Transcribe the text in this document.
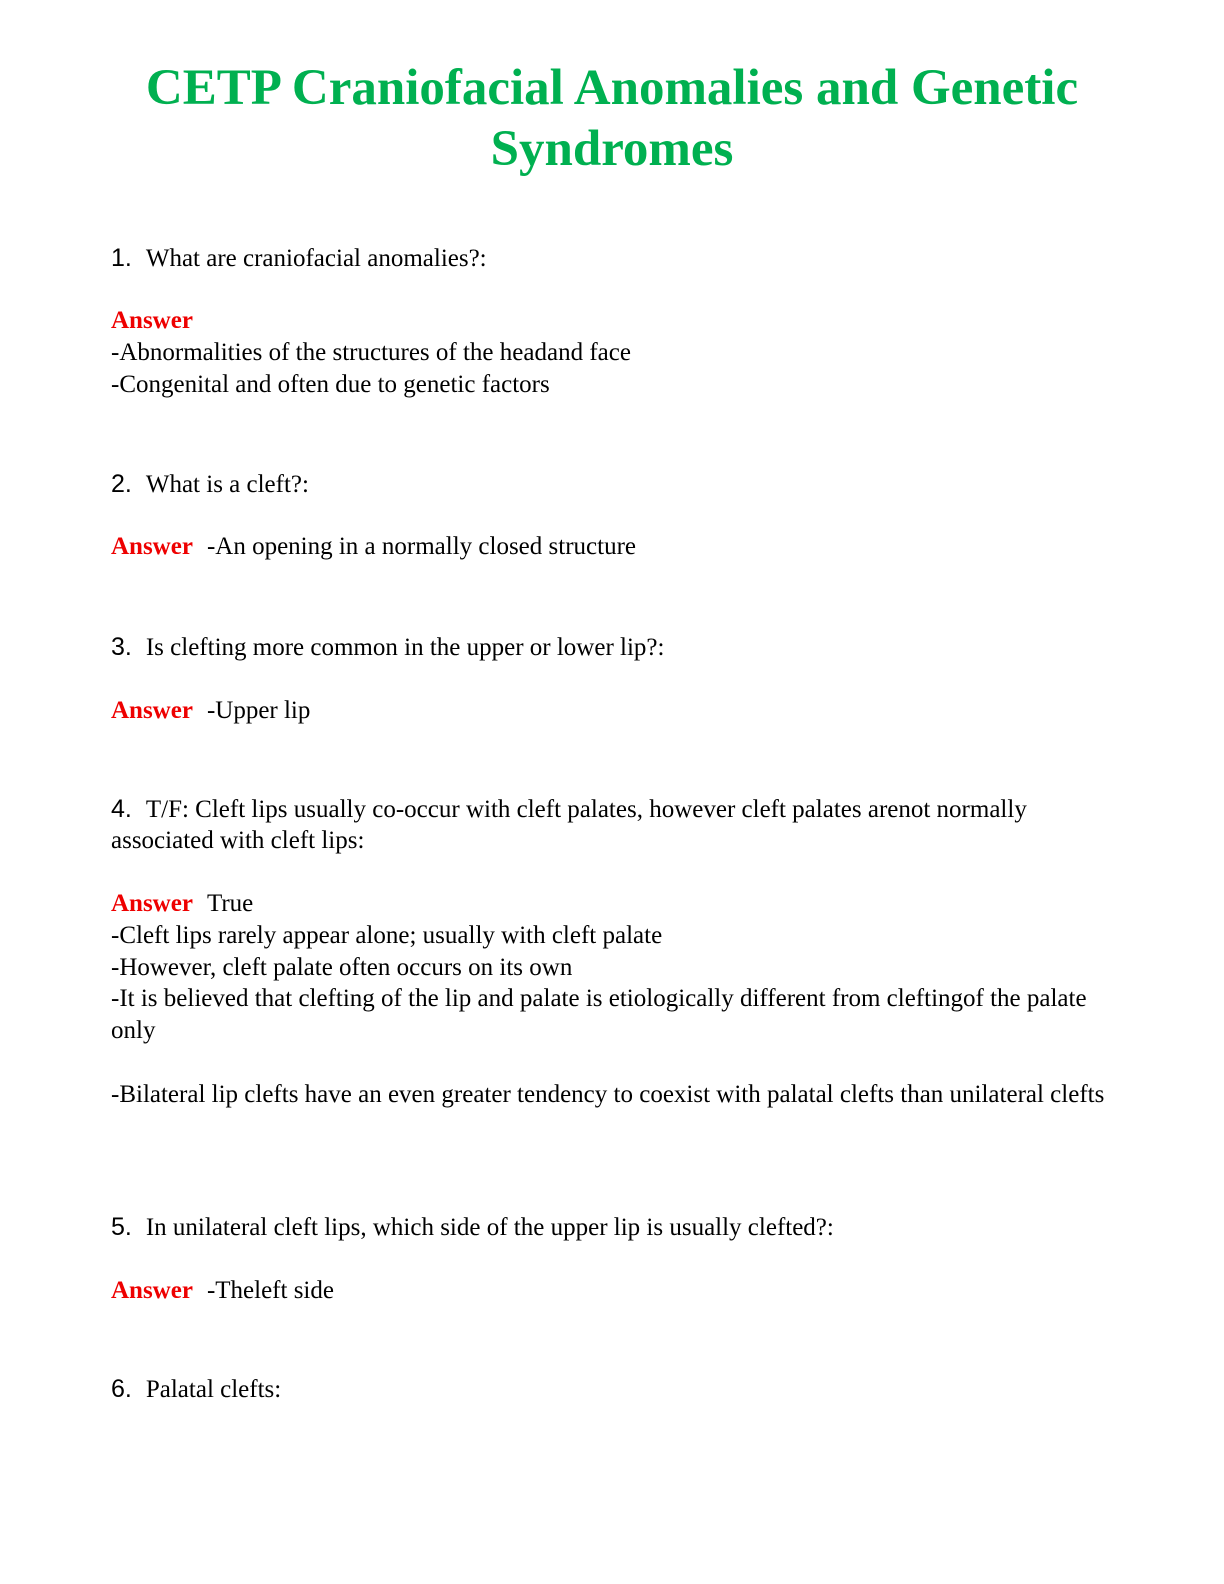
CETP Craniofacial Anomalies and Genetic
Syndromes

1. What are craniofacial anomalies?:

Answer
-Abnormalities of the structures of the headand face
-Congenital and often due to genetic factors

2. What is a cleft?:

Answer -An opening in a normally closed structure

3. Is clefting more common in the upper or lower lip?:

Answer -Upper lip

4. T/F: Cleft lips usually co-occur with cleft palates, however cleft palates arenot normally associated with cleft lips:

Answer True
-Cleft lips rarely appear alone; usually with cleft palate
-However, cleft palate often occurs on its own
-It is believed that clefting of the lip and palate is etiologically different from cleftingof the palate only
-Bilateral lip clefts have an even greater tendency to coexist with palatal clefts than unilateral clefts

5. In unilateral cleft lips, which side of the upper lip is usually clefted?:

Answer -Theleft side

6. Palatal clefts:
